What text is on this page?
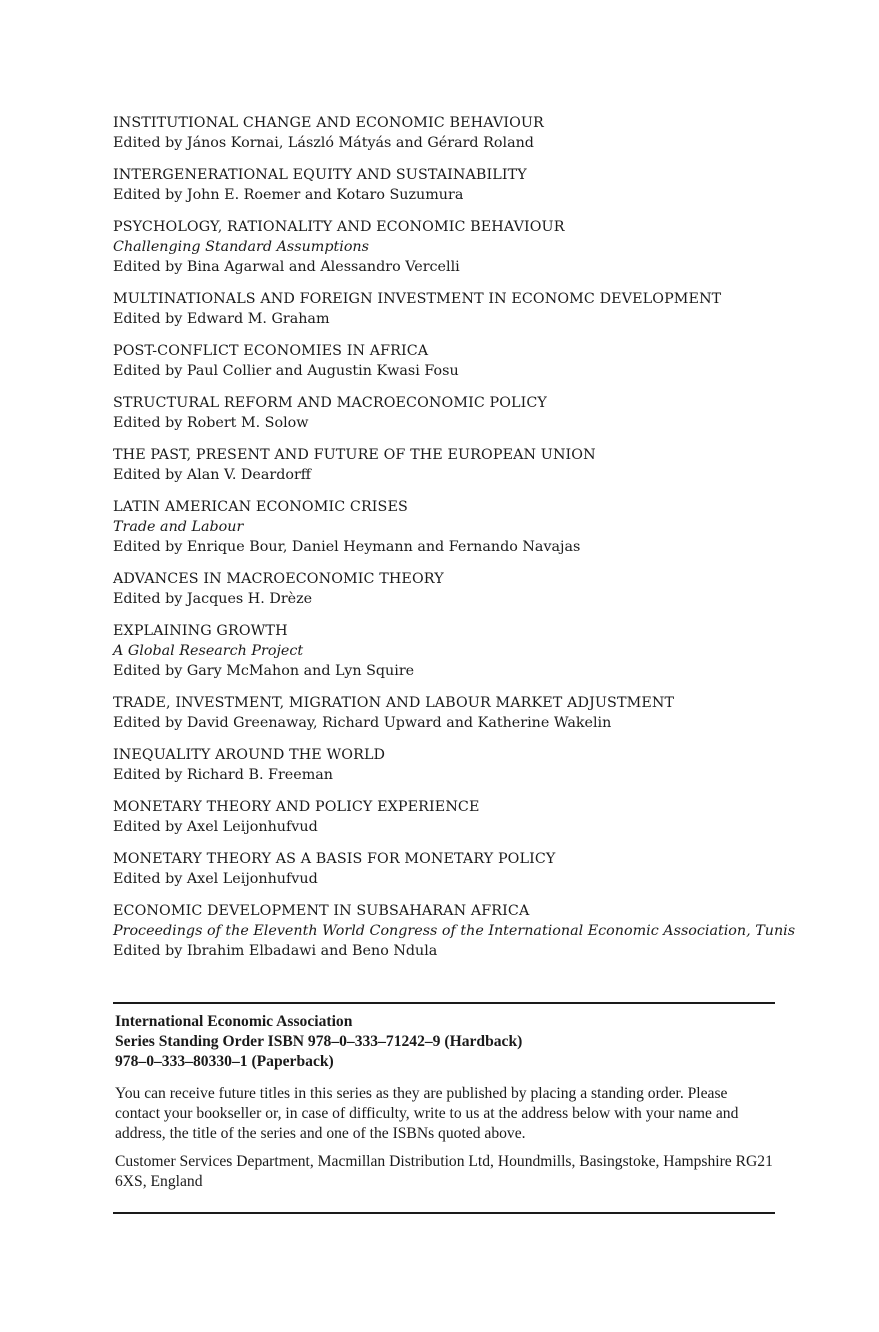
INSTITUTIONAL CHANGE AND ECONOMIC BEHAVIOUR
Edited by János Kornai, László Mátyás and Gérard Roland
INTERGENERATIONAL EQUITY AND SUSTAINABILITY
Edited by John E. Roemer and Kotaro Suzumura
PSYCHOLOGY, RATIONALITY AND ECONOMIC BEHAVIOUR
Challenging Standard Assumptions
Edited by Bina Agarwal and Alessandro Vercelli
MULTINATIONALS AND FOREIGN INVESTMENT IN ECONOMC DEVELOPMENT
Edited by Edward M. Graham
POST-CONFLICT ECONOMIES IN AFRICA
Edited by Paul Collier and Augustin Kwasi Fosu
STRUCTURAL REFORM AND MACROECONOMIC POLICY
Edited by Robert M. Solow
THE PAST, PRESENT AND FUTURE OF THE EUROPEAN UNION
Edited by Alan V. Deardorff
LATIN AMERICAN ECONOMIC CRISES
Trade and Labour
Edited by Enrique Bour, Daniel Heymann and Fernando Navajas
ADVANCES IN MACROECONOMIC THEORY
Edited by Jacques H. Drèze
EXPLAINING GROWTH
A Global Research Project
Edited by Gary McMahon and Lyn Squire
TRADE, INVESTMENT, MIGRATION AND LABOUR MARKET ADJUSTMENT
Edited by David Greenaway, Richard Upward and Katherine Wakelin
INEQUALITY AROUND THE WORLD
Edited by Richard B. Freeman
MONETARY THEORY AND POLICY EXPERIENCE
Edited by Axel Leijonhufvud
MONETARY THEORY AS A BASIS FOR MONETARY POLICY
Edited by Axel Leijonhufvud
ECONOMIC DEVELOPMENT IN SUBSAHARAN AFRICA
Proceedings of the Eleventh World Congress of the International Economic Association, Tunis
Edited by Ibrahim Elbadawi and Beno Ndula
International Economic Association
Series Standing Order ISBN 978–0–333–71242–9 (Hardback)
978–0–333–80330–1 (Paperback)

You can receive future titles in this series as they are published by placing a standing order. Please contact your bookseller or, in case of difficulty, write to us at the address below with your name and address, the title of the series and one of the ISBNs quoted above.

Customer Services Department, Macmillan Distribution Ltd, Houndmills, Basingstoke, Hampshire RG21 6XS, England
